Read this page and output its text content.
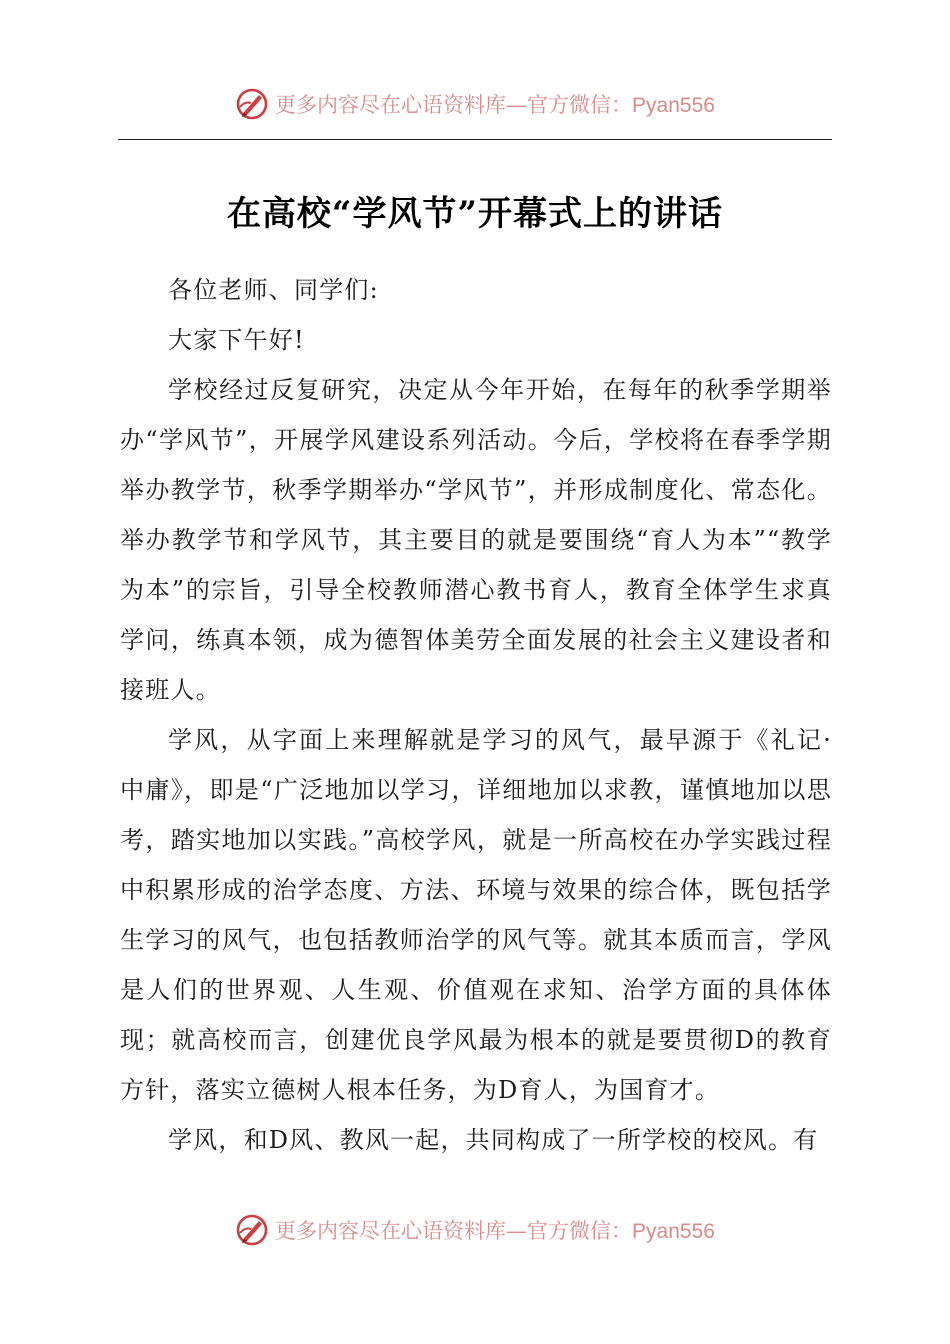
更多内容尽在心语资料库—官方微信：Pyan556
在高校“学风节”开幕式上的讲话

各位老师、同学们:

大家下午好!

学校经过反复研究，决定从今年开始，在每年的秋季学期举办“学风节”，开展学风建设系列活动。今后，学校将在春季学期举办教学节，秋季学期举办“学风节”，并形成制度化、常态化。举办教学节和学风节，其主要目的就是要围绕“育人为本”“教学为本”的宗旨，引导全校教师潜心教书育人，教育全体学生求真学问，练真本领，成为德智体美劳全面发展的社会主义建设者和接班人。

学风，从字面上来理解就是学习的风气，最早源于《礼记·中庸》，即是“广泛地加以学习，详细地加以求教，谨慎地加以思考，踏实地加以实践。”高校学风，就是一所高校在办学实践过程中积累形成的治学态度、方法、环境与效果的综合体，既包括学生学习的风气，也包括教师治学的风气等。就其本质而言，学风是人们的世界观、人生观、价值观在求知、治学方面的具体体现；就高校而言，创建优良学风最为根本的就是要贯彻D的教育方针，落实立德树人根本任务，为D育人，为国育才。

学风，和D风、教风一起，共同构成了一所学校的校风。有

更多内容尽在心语资料库—官方微信：Pyan556
